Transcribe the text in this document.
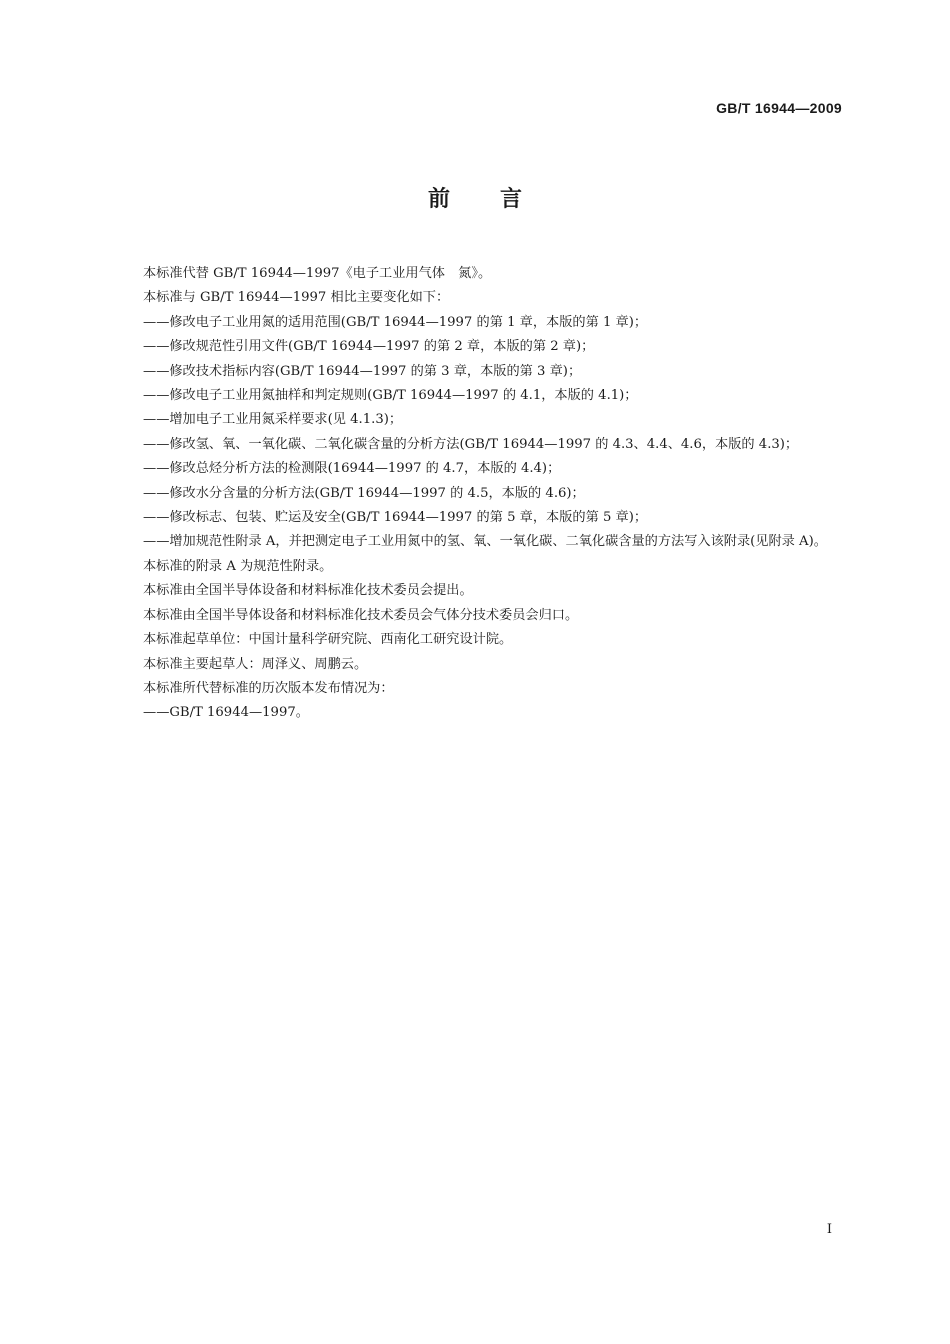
GB/T 16944—2009
前言

本标准代替 GB/T 16944—1997《电子工业用气体　氮》。

本标准与 GB/T 16944—1997 相比主要变化如下：

——修改电子工业用氮的适用范围(GB/T 16944—1997 的第 1 章，本版的第 1 章)；

——修改规范性引用文件(GB/T 16944—1997 的第 2 章，本版的第 2 章)；

——修改技术指标内容(GB/T 16944—1997 的第 3 章，本版的第 3 章)；

——修改电子工业用氮抽样和判定规则(GB/T 16944—1997 的 4.1，本版的 4.1)；

——增加电子工业用氮采样要求(见 4.1.3)；

——修改氢、氧、一氧化碳、二氧化碳含量的分析方法(GB/T 16944—1997 的 4.3、4.4、4.6，本版的 4.3)；

——修改总烃分析方法的检测限(16944—1997 的 4.7，本版的 4.4)；

——修改水分含量的分析方法(GB/T 16944—1997 的 4.5，本版的 4.6)；

——修改标志、包装、贮运及安全(GB/T 16944—1997 的第 5 章，本版的第 5 章)；

——增加规范性附录 A，并把测定电子工业用氮中的氢、氧、一氧化碳、二氧化碳含量的方法写入该附录(见附录 A)。

本标准的附录 A 为规范性附录。

本标准由全国半导体设备和材料标准化技术委员会提出。

本标准由全国半导体设备和材料标准化技术委员会气体分技术委员会归口。

本标准起草单位：中国计量科学研究院、西南化工研究设计院。

本标准主要起草人：周泽义、周鹏云。

本标准所代替标准的历次版本发布情况为：

——GB/T 16944—1997。

I
